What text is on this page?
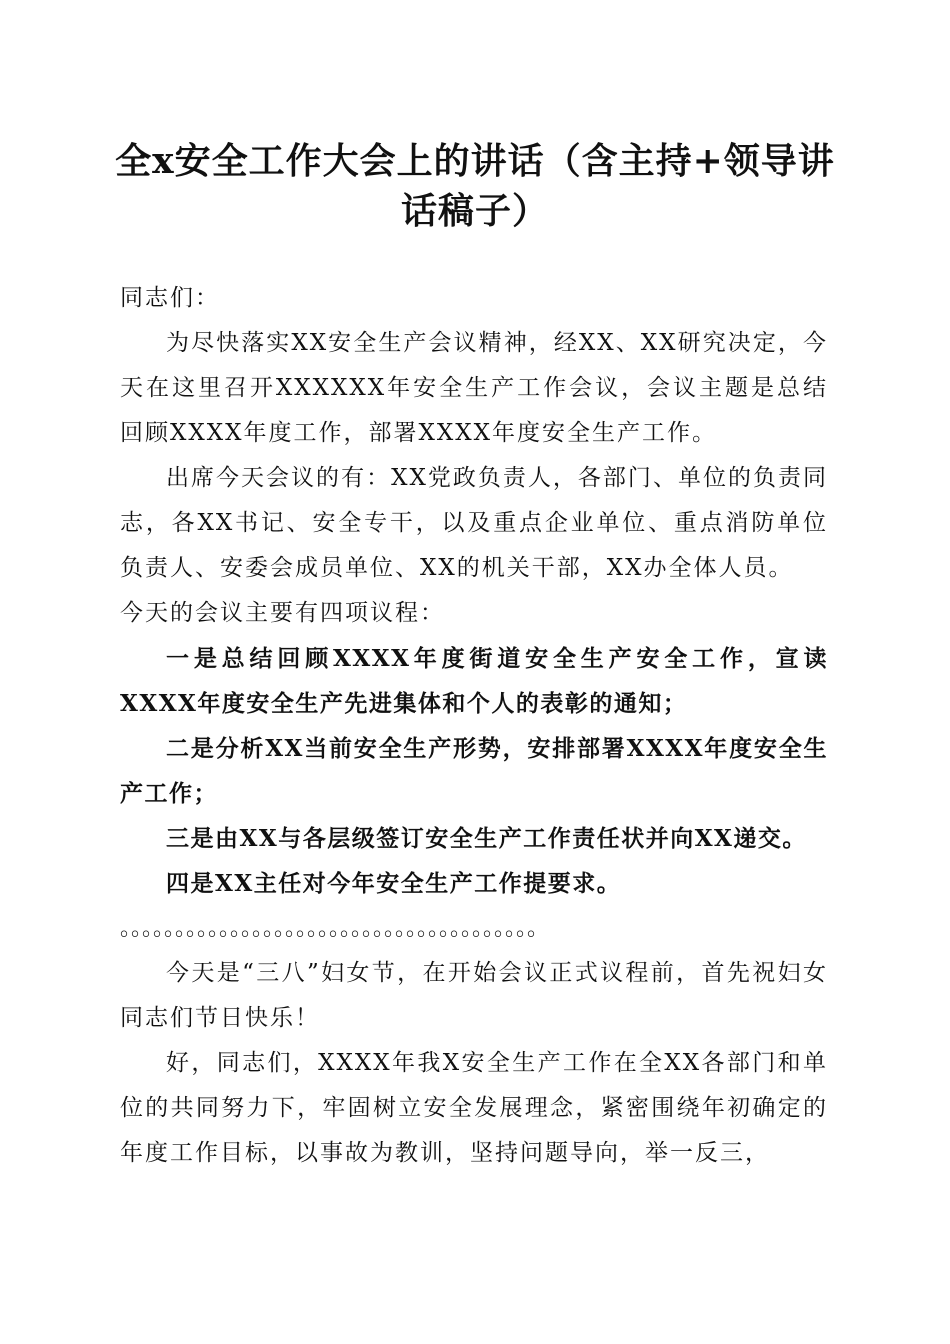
全x安全工作大会上的讲话（含主持+领导讲
话稿子）

同志们：

为尽快落实XX安全生产会议精神，经XX、XX研究决定，今天在这里召开XXXXXX年安全生产工作会议，会议主题是总结回顾XXXX年度工作，部署XXXX年度安全生产工作。

出席今天会议的有：XX党政负责人，各部门、单位的负责同志，各XX书记、安全专干，以及重点企业单位、重点消防单位负责人、安委会成员单位、XX的机关干部，XX办全体人员。

今天的会议主要有四项议程：

一是总结回顾XXXX年度街道安全生产安全工作，宣读XXXX年度安全生产先进集体和个人的表彰的通知；

二是分析XX当前安全生产形势，安排部署XXXX年度安全生产工作；

三是由XX与各层级签订安全生产工作责任状并向XX递交。

四是XX主任对今年安全生产工作提要求。

。。。。。。。。。。。。。。。。。。。。。。。。。。。。。。。。。。。。。。

今天是“三八”妇女节，在开始会议正式议程前，首先祝妇女同志们节日快乐！

好，同志们，XXXX年我X安全生产工作在全XX各部门和单位的共同努力下，牢固树立安全发展理念，紧密围绕年初确定的年度工作目标，以事故为教训，坚持问题导向，举一反三，
